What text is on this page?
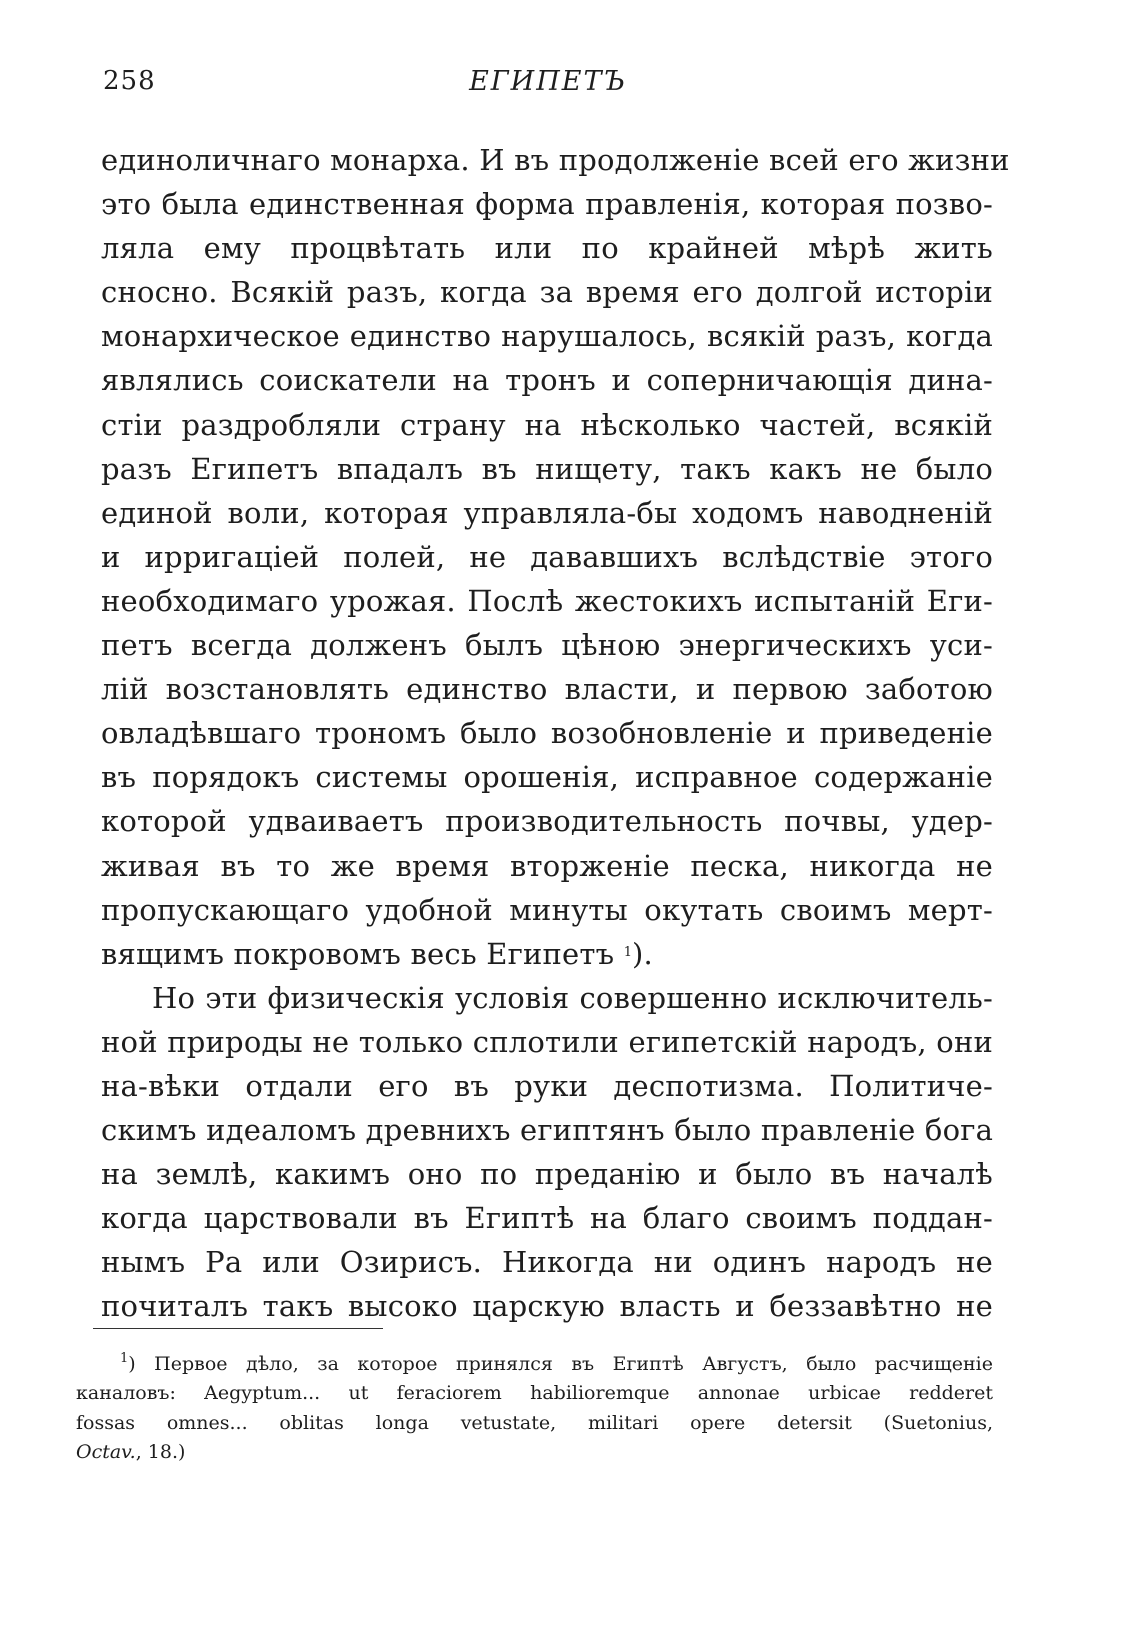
258	ЕГИПЕТЪ
единоличнаго монарха. И въ продолженіе всей его жизни
это была единственная форма правленія, которая позво-
ляла ему процвѣтать или по крайней мѣрѣ жить
сносно. Всякій разъ, когда за время его долгой исторіи
монархическое единство нарушалось, всякій разъ, когда
являлись соискатели на тронъ и соперничающія дина-
стіи раздробляли страну на нѣсколько частей, всякій
разъ Египетъ впадалъ въ нищету, такъ какъ не было
единой воли, которая управляла-бы ходомъ наводненій
и ирригаціей полей, не дававшихъ вслѣдствіе этого
необходимаго урожая. Послѣ жестокихъ испытаній Еги-
петъ всегда долженъ былъ цѣною энергическихъ уси-
лій возстановлять единство власти, и первою заботою
овладѣвшаго трономъ было возобновленіе и приведеніе
въ порядокъ системы орошенія, исправное содержаніе
которой удваиваетъ производительность почвы, удер-
живая въ то же время вторженіе песка, никогда не
пропускающаго удобной минуты окутать своимъ мерт-
вящимъ покровомъ весь Египетъ $^1$).
Но эти физическія условія совершенно исключитель-
ной природы не только сплотили египетскій народъ, они
на-вѣки отдали его въ руки деспотизма. Политиче-
скимъ идеаломъ древнихъ египтянъ было правленіе бога
на землѣ, какимъ оно по преданію и было въ началѣ
когда царствовали въ Египтѣ на благо своимъ поддан-
нымъ Ра или Озирисъ. Никогда ни одинъ народъ не
почиталъ такъ высоко царскую власть и беззавѣтно не
$^1$) Первое дѣло, за которое принялся въ Египтѣ Августъ, было расчищеніе
каналовъ: Aegyptum... ut feraciorem habilioremque annonae urbicae redderet
fossas omnes... oblitas longa vetustate, militari opere detersit (Suetonius,
Octav., 18.)
